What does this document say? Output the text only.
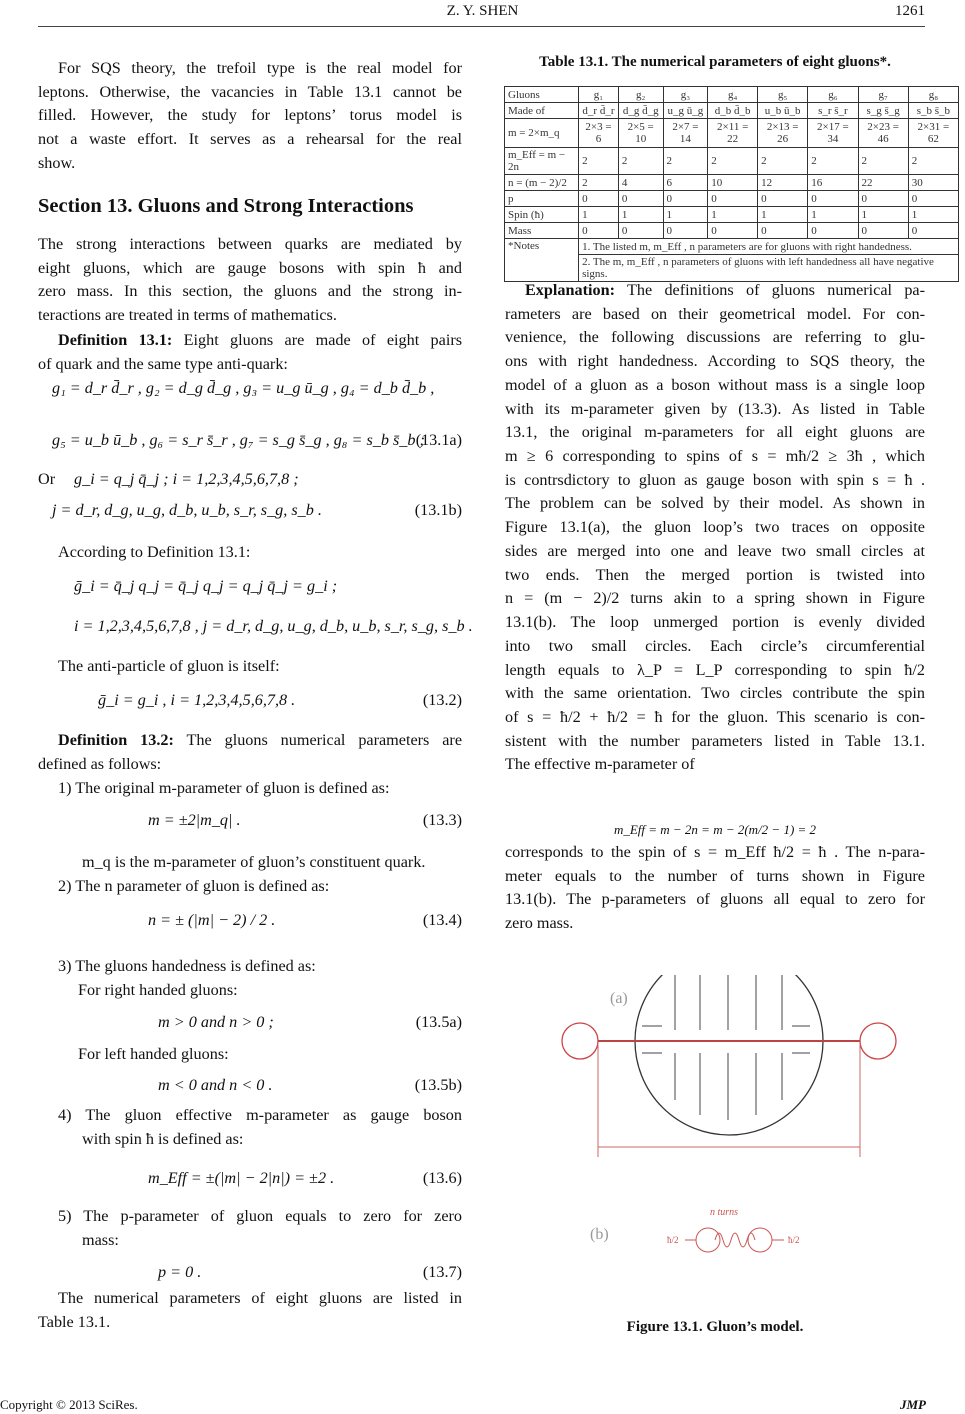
Z. Y. SHEN	1261
For SQS theory, the trefoil type is the real model for
leptons. Otherwise, the vacancies in Table 13.1 cannot be
filled. However, the study for leptons’ torus model is
not a waste effort. It serves as a rehearsal for the real
show.
Section 13. Gluons and Strong Interactions
The strong interactions between quarks are mediated by
eight gluons, which are gauge bosons with spin ħ and
zero mass. In this section, the gluons and the strong in-
teractions are treated in terms of mathematics.
Definition 13.1: Eight gluons are made of eight pairs
of quark and the same type anti-quark:
g₁ = d_r d̄_r , g₂ = d_g d̄_g , g₃ = u_g ū_g , g₄ = d_b d̄_b ,
g₅ = u_b ū_b , g₆ = s_r s̄_r , g₇ = s_g s̄_g , g₈ = s_b s̄_b ;
(13.1a)
Or	g_i = q_j q̄_j ; i = 1,2,3,4,5,6,7,8 ;
j = d_r, d_g, u_g, d_b, u_b, s_r, s_g, s_b .	(13.1b)
According to Definition 13.1:
ḡ_i = q̄_j q_j = q̄_j q_j = q_j q̄_j = g_i ;
i = 1,2,3,4,5,6,7,8 , j = d_r, d_g, u_g, d_b, u_b, s_r, s_g, s_b .
The anti-particle of gluon is itself:
ḡ_i = g_i , i = 1,2,3,4,5,6,7,8 .	(13.2)
Definition 13.2: The gluons numerical parameters are
defined as follows:
1) The original m-parameter of gluon is defined as:
m = ±2|m_q| .	(13.3)
m_q is the m-parameter of gluon’s constituent quark.
2) The n parameter of gluon is defined as:
n = ± (|m| − 2) / 2 .	(13.4)
3) The gluons handedness is defined as:
For right handed gluons:
m > 0 and n > 0 ;	(13.5a)
For left handed gluons:
m < 0 and n < 0 .	(13.5b)
4) The gluon effective m-parameter as gauge boson
with spin ħ is defined as:
m_Eff = ±(|m| − 2|n|) = ±2 .	(13.6)
5) The p-parameter of gluon equals to zero for zero
mass:
p = 0 .	(13.7)
The numerical parameters of eight gluons are listed in
Table 13.1.
Explanation: The definitions of gluons numerical pa-
rameters are based on their geometrical model. For con-
venience, the following discussions are referring to glu-
ons with right handedness. According to SQS theory, the
model of a gluon as a boson without mass is a single loop
with its m-parameter given by (13.3). As listed in Table
13.1, the original m-parameters for all eight gluons are
m ≥ 6 corresponding to spins of s = mħ/2 ≥ 3ħ , which
is contrsdictory to gluon as gauge boson with spin s = ħ .
The problem can be solved by their model. As shown in
Figure 13.1(a), the gluon loop’s two traces on opposite
sides are merged into one and leave two small circles at
two ends. Then the merged portion is twisted into
n = (m − 2)/2 turns akin to a spring shown in Figure
13.1(b). The loop unmerged portion is evenly divided
into two small circles. Each circle’s circumferential
length equals to λ_P = L_P corresponding to spin ħ/2
with the same orientation. Two circles contribute the spin
of s = ħ/2 + ħ/2 = ħ for the gluon. This scenario is con-
sistent with the number parameters listed in Table 13.1.
The effective m-parameter of
m_Eff = m − 2n = m − 2(m/2 − 1) = 2
corresponds to the spin of s = m_Eff ħ/2 = ħ . The n-para-
meter equals to the number of turns shown in Figure
13.1(b). The p-parameters of gluons all equal to zero for
zero mass.
Table 13.1. The numerical parameters of eight gluons*.
Gluons	g₁	g₂	g₃	g₄	g₅	g₆	g₇	g₈
Made of	d_r d̄_r	d_g d̄_g	u_g ū_g	d_b d̄_b	u_b ū_b	s_r s̄_r	s_g s̄_g	s_b s̄_b
m = 2×m_q	2×3 = 6	2×5 = 10	2×7 = 14	2×11 = 22	2×13 = 26	2×17 = 34	2×23 = 46	2×31 = 62
m_Eff = m − 2n	2	2	2	2	2	2	2	2
n = (m − 2)/2	2	4	6	10	12	16	22	30
p	0	0	0	0	0	0	0	0
Spin (ħ)	1	1	1	1	1	1	1	1
Mass	0	0	0	0	0	0	0	0
*Notes	1. The listed m, m_Eff , n parameters are for gluons with right handedness.							
	2. The m, m_Eff , n parameters of gluons with left handedness all have negative signs.							
(a)
(b)
n turns
ħ/2	ħ/2
Figure 13.1. Gluon’s model.
Copyright © 2013 SciRes.	JMP
